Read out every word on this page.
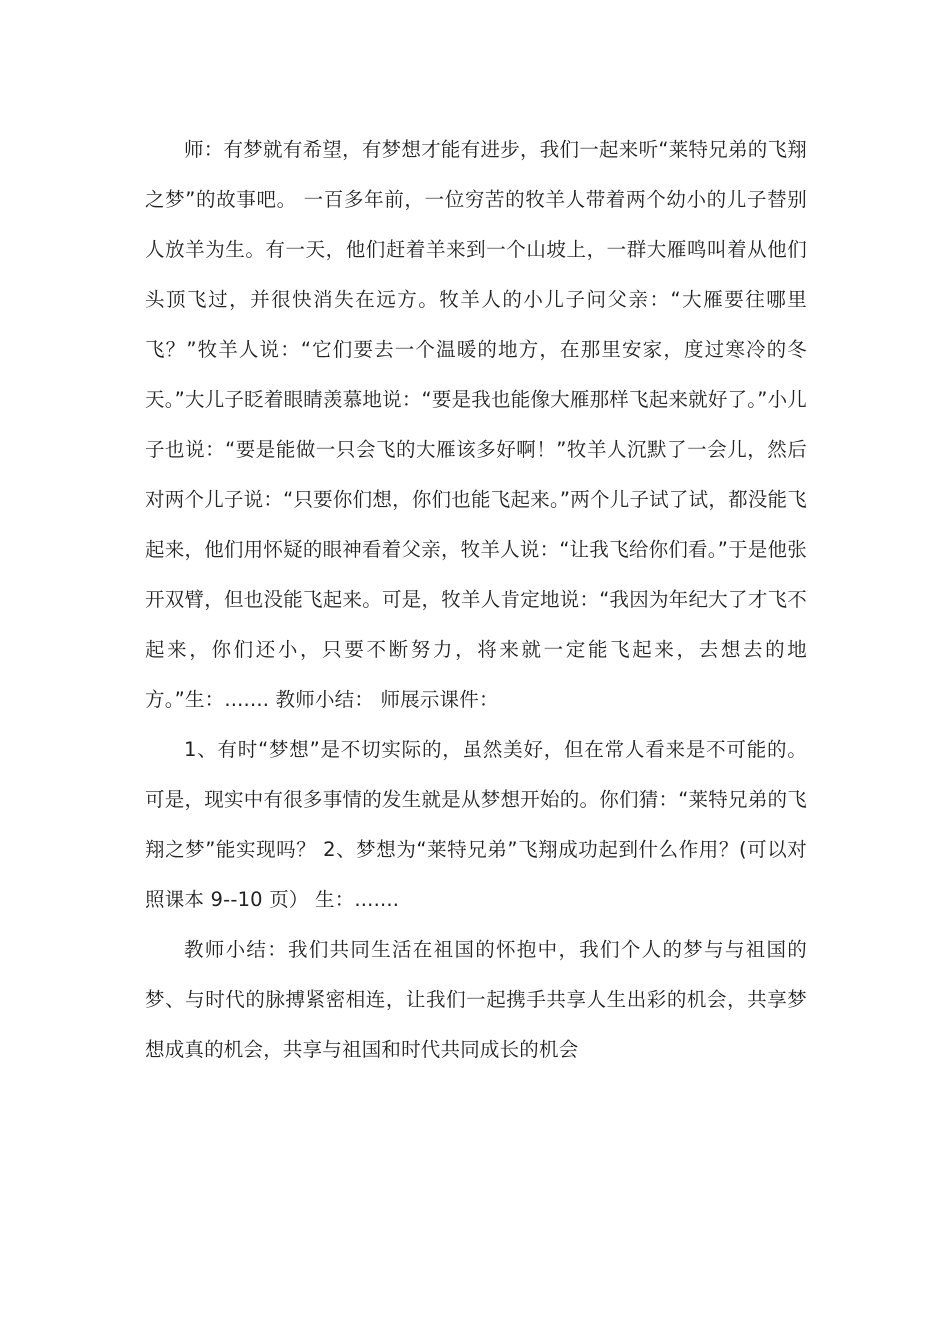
师：有梦就有希望，有梦想才能有进步，我们一起来听“莱特兄弟的飞翔之梦”的故事吧。 一百多年前，一位穷苦的牧羊人带着两个幼小的儿子替别人放羊为生。有一天，他们赶着羊来到一个山坡上，一群大雁鸣叫着从他们头顶飞过，并很快消失在远方。牧羊人的小儿子问父亲：“大雁要往哪里飞？”牧羊人说：“它们要去一个温暖的地方，在那里安家，度过寒冷的冬天。”大儿子眨着眼睛羡慕地说：“要是我也能像大雁那样飞起来就好了。”小儿子也说：“要是能做一只会飞的大雁该多好啊！”牧羊人沉默了一会儿，然后对两个儿子说：“只要你们想，你们也能飞起来。”两个儿子试了试，都没能飞起来，他们用怀疑的眼神看着父亲，牧羊人说：“让我飞给你们看。”于是他张开双臂，但也没能飞起来。可是，牧羊人肯定地说：“我因为年纪大了才飞不起来，你们还小，只要不断努力，将来就一定能飞起来，去想去的地方。”生：....... 教师小结： 师展示课件：

1、有时“梦想”是不切实际的，虽然美好，但在常人看来是不可能的。可是，现实中有很多事情的发生就是从梦想开始的。你们猜：“莱特兄弟的飞翔之梦”能实现吗？ 2、梦想为“莱特兄弟”飞翔成功起到什么作用？(可以对照课本 9--10 页） 生：.......

教师小结：我们共同生活在祖国的怀抱中，我们个人的梦与与祖国的梦、与时代的脉搏紧密相连，让我们一起携手共享人生出彩的机会，共享梦想成真的机会，共享与祖国和时代共同成长的机会
